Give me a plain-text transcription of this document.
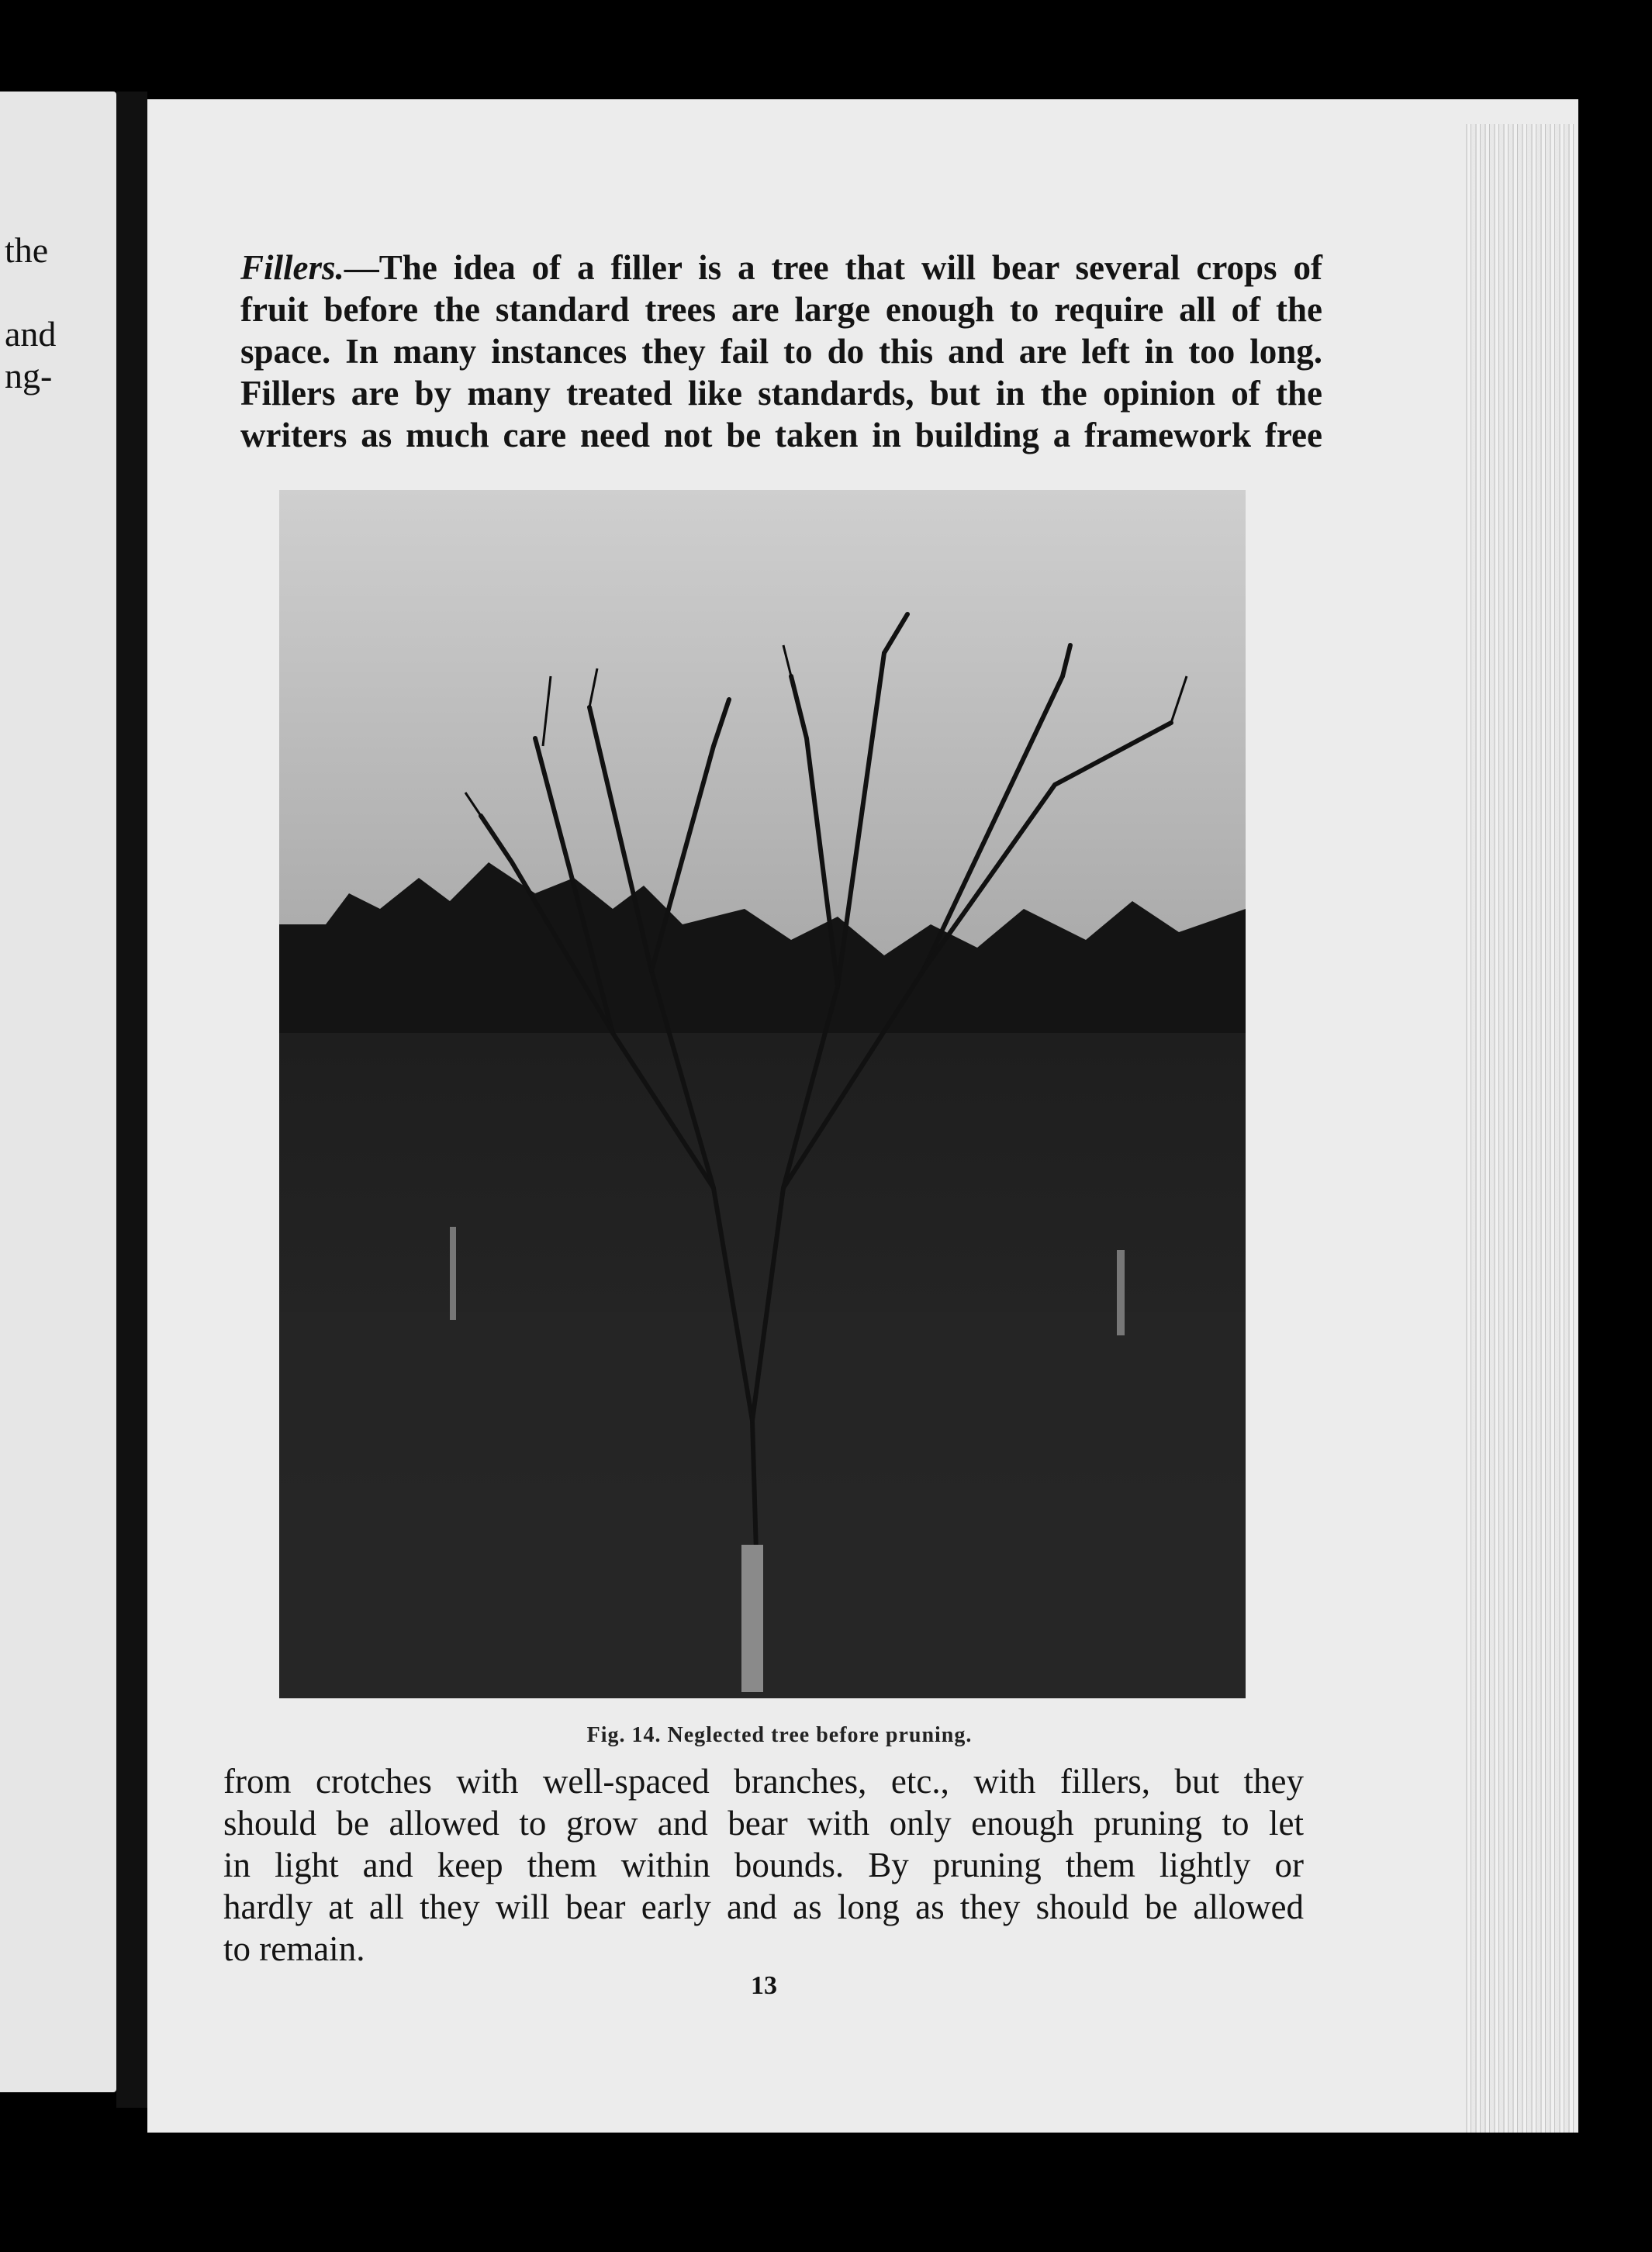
the
and
ng-
Fillers.—The idea of a filler is a tree that will bear several crops of
fruit before the standard trees are large enough to require all of the
space. In many instances they fail to do this and are left in too long.
Fillers are by many treated like standards, but in the opinion of the
writers as much care need not be taken in building a framework free
Fig. 14. Neglected tree before pruning.
from crotches with well-spaced branches, etc., with fillers, but they
should be allowed to grow and bear with only enough pruning to let
in light and keep them within bounds. By pruning them lightly or
hardly at all they will bear early and as long as they should be allowed
to remain.
13
